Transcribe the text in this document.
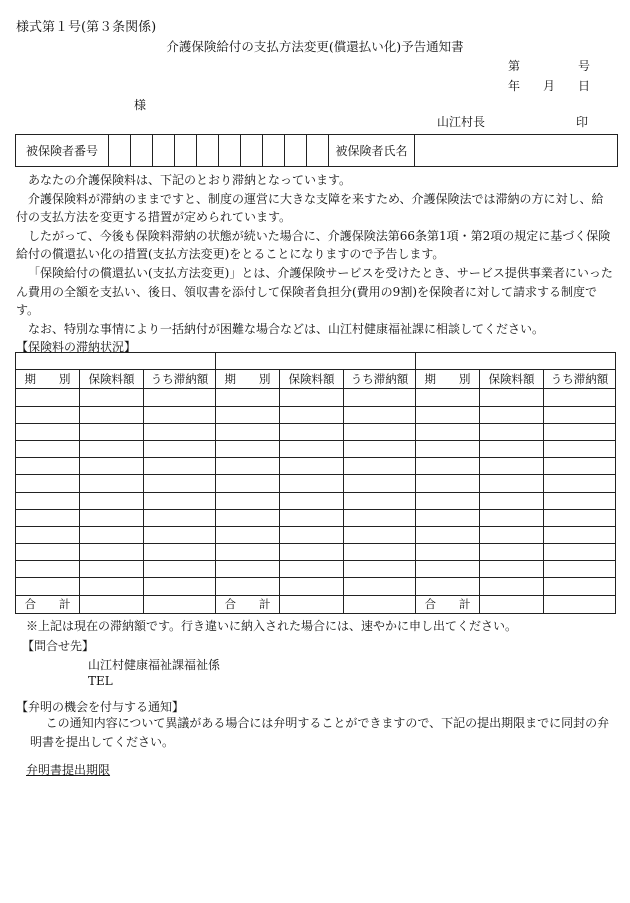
様式第１号(第３条関係)
介護保険給付の支払方法変更(償還払い化)予告通知書
第	号
年 月 日
様
山江村長	印
被保険者番号											被保険者氏名	

あなたの介護保険料は、下記のとおり滞納となっています。

介護保険料が滞納のままですと、制度の運営に大きな支障を来すため、介護保険法では滞納の方に対し、給付の支払方法を変更する措置が定められています。

したがって、今後も保険料滞納の状態が続いた場合に、介護保険法第66条第1項・第2項の規定に基づく保険給付の償還払い化の措置(支払方法変更)をとることになりますので予告します。

「保険給付の償還払い(支払方法変更)」とは、介護保険サービスを受けたとき、サービス提供事業者にいったん費用の全額を支払い、後日、領収書を添付して保険者負担分(費用の9割)を保険者に対して請求する制度です。

なお、特別な事情により一括納付が困難な場合などは、山江村健康福祉課に相談してください。

【保険料の滞納状況】

期　　別	保険料額	うち滞納額	期　　別	保険料額	うち滞納額	期　　別	保険料額	うち滞納額

合　　計			合　　計			合　　計		
※上記は現在の滞納額です。行き違いに納入された場合には、速やかに申し出てください。
【問合せ先】
山江村健康福祉課福祉係
TEL
【弁明の機会を付与する通知】

この通知内容について異議がある場合には弁明することができますので、下記の提出期限までに同封の弁明書を提出してください。

弁明書提出期限
